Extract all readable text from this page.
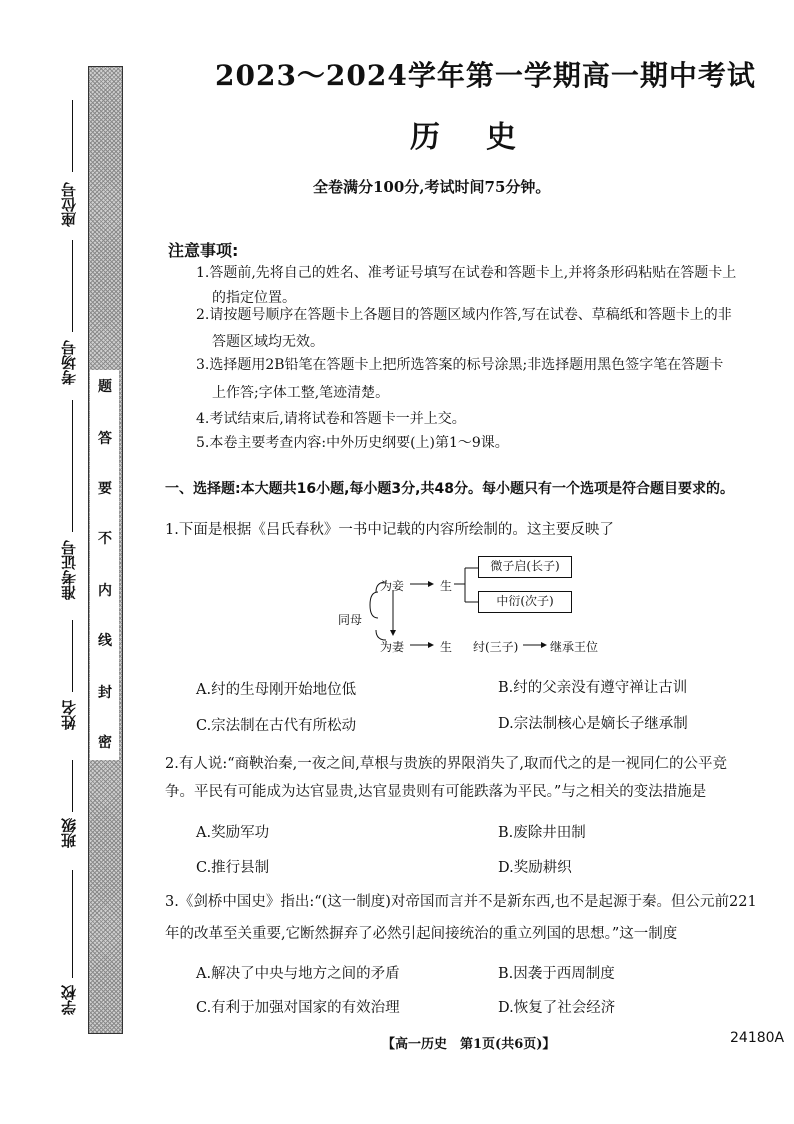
题
答
要
不
内
线
封
密
座位号
考场号
准考证号
姓名
班级
学校
2023～2024学年第一学期高一期中考试
历史
全卷满分100分,考试时间75分钟。
注意事项:
1.答题前,先将自己的姓名、准考证号填写在试卷和答题卡上,并将条形码粘贴在答题卡上
的指定位置。
2.请按题号顺序在答题卡上各题目的答题区域内作答,写在试卷、草稿纸和答题卡上的非
答题区域均无效。
3.选择题用2B铅笔在答题卡上把所选答案的标号涂黑;非选择题用黑色签字笔在答题卡
上作答;字体工整,笔迹清楚。
4.考试结束后,请将试卷和答题卡一并上交。
5.本卷主要考查内容:中外历史纲要(上)第1～9课。
一、选择题:本大题共16小题,每小题3分,共48分。每小题只有一个选项是符合题目要求的。
1.下面是根据《吕氏春秋》一书中记载的内容所绘制的。这主要反映了
为妾
同母
为妻
生
生
微子启(长子)
中衍(次子)
纣(三子)	继承王位
A.纣的生母刚开始地位低	B.纣的父亲没有遵守禅让古训
C.宗法制在古代有所松动	D.宗法制核心是嫡长子继承制
2.有人说:“商鞅治秦,一夜之间,草根与贵族的界限消失了,取而代之的是一视同仁的公平竞
争。平民有可能成为达官显贵,达官显贵则有可能跌落为平民。”与之相关的变法措施是
A.奖励军功	B.废除井田制
C.推行县制	D.奖励耕织
3.《剑桥中国史》指出:“(这一制度)对帝国而言并不是新东西,也不是起源于秦。但公元前221
年的改革至关重要,它断然摒弃了必然引起间接统治的重立列国的思想。”这一制度
A.解决了中央与地方之间的矛盾	B.因袭于西周制度
C.有利于加强对国家的有效治理	D.恢复了社会经济
【高一历史　第1页(共6页)】	24180A
